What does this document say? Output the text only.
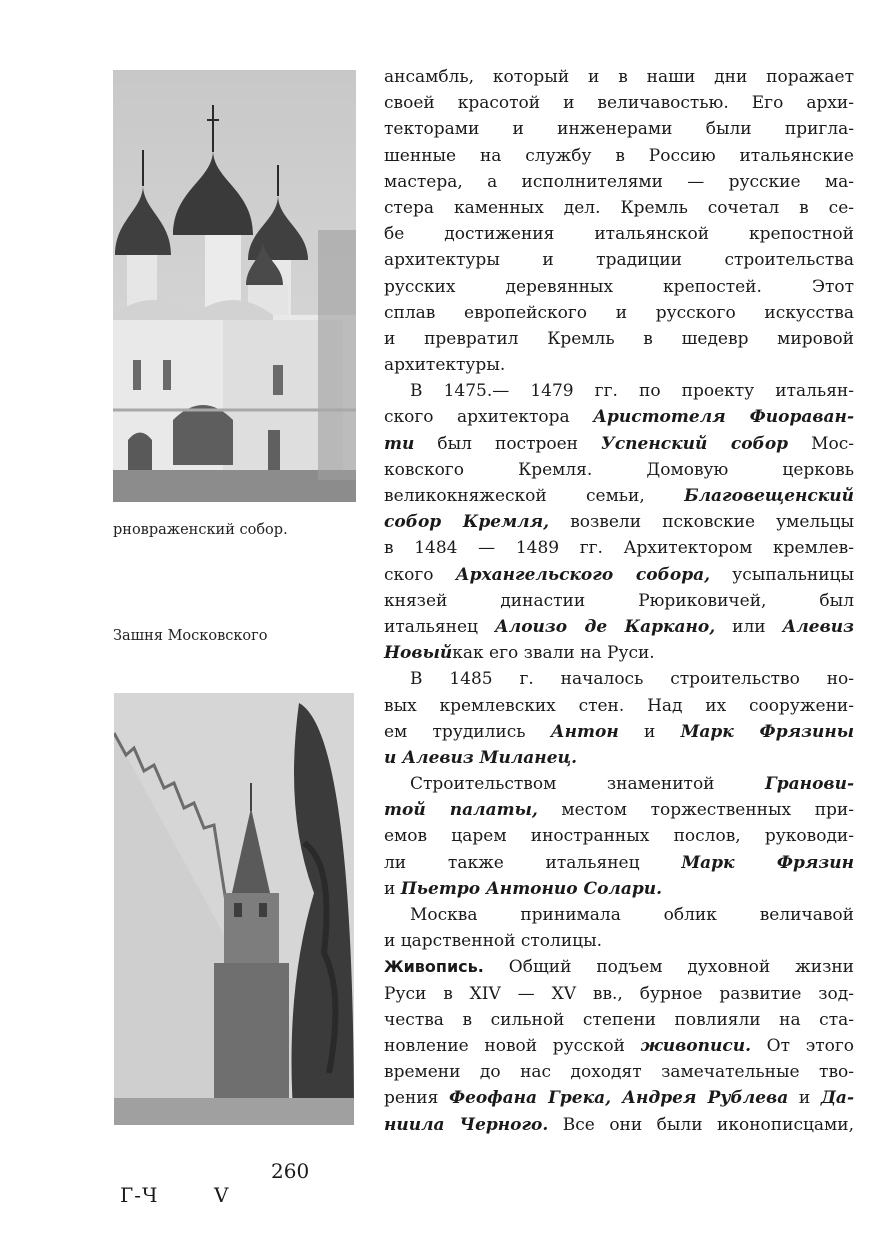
рновраженский собор.
Зашня Московского
ансамбль, который и в наши дни поражает
своей красотой и величавостью. Его архи-
текторами и инженерами были пригла-
шенные на службу в Россию итальянские
мастера, а исполнителями — русские ма-
стера каменных дел. Кремль сочетал в се-
бе достижения итальянской крепостной
архитектуры и традиции строительства
русских деревянных крепостей. Этот
сплав европейского и русского искусства
и превратил Кремль в шедевр мировой
архитектуры.
В 1475.— 1479 гг. по проекту итальян-
ского архитектора Аристотеля Фиораван-
ти был построен Успенский собор Мос-
ковского Кремля. Домовую церковь
великокняжеской семьи, Благовещенский
собор Кремля, возвели псковские умельцы
в 1484 — 1489 гг. Архитектором кремлев-
ского Архангельского собора, усыпальницы
князей династии Рюриковичей, был
итальянец Алоизо де Каркано, или Алевиз
Новыйкак его звали на Руси.
В 1485 г. началось строительство но-
вых кремлевских стен. Над их сооружени-
ем трудились Антон и Марк Фрязины
и Алевиз Миланец.
Строительством знаменитой Гранови-
той палаты, местом торжественных при-
емов царем иностранных послов, руководи-
ли также итальянец Марк Фрязин
и Пьетро Антонио Солари.
Москва принимала облик величавой
и царственной столицы.
Живопись. Общий подъем духовной жизни
Руси в XIV — XV вв., бурное развитие зод-
чества в сильной степени повлияли на ста-
новление новой русской живописи. От этого
времени до нас доходят замечательные тво-
рения Феофана Грека, Андрея Рублева и Да-
ниила Черного. Все они были иконописцами,
260
Г-Ч	V
